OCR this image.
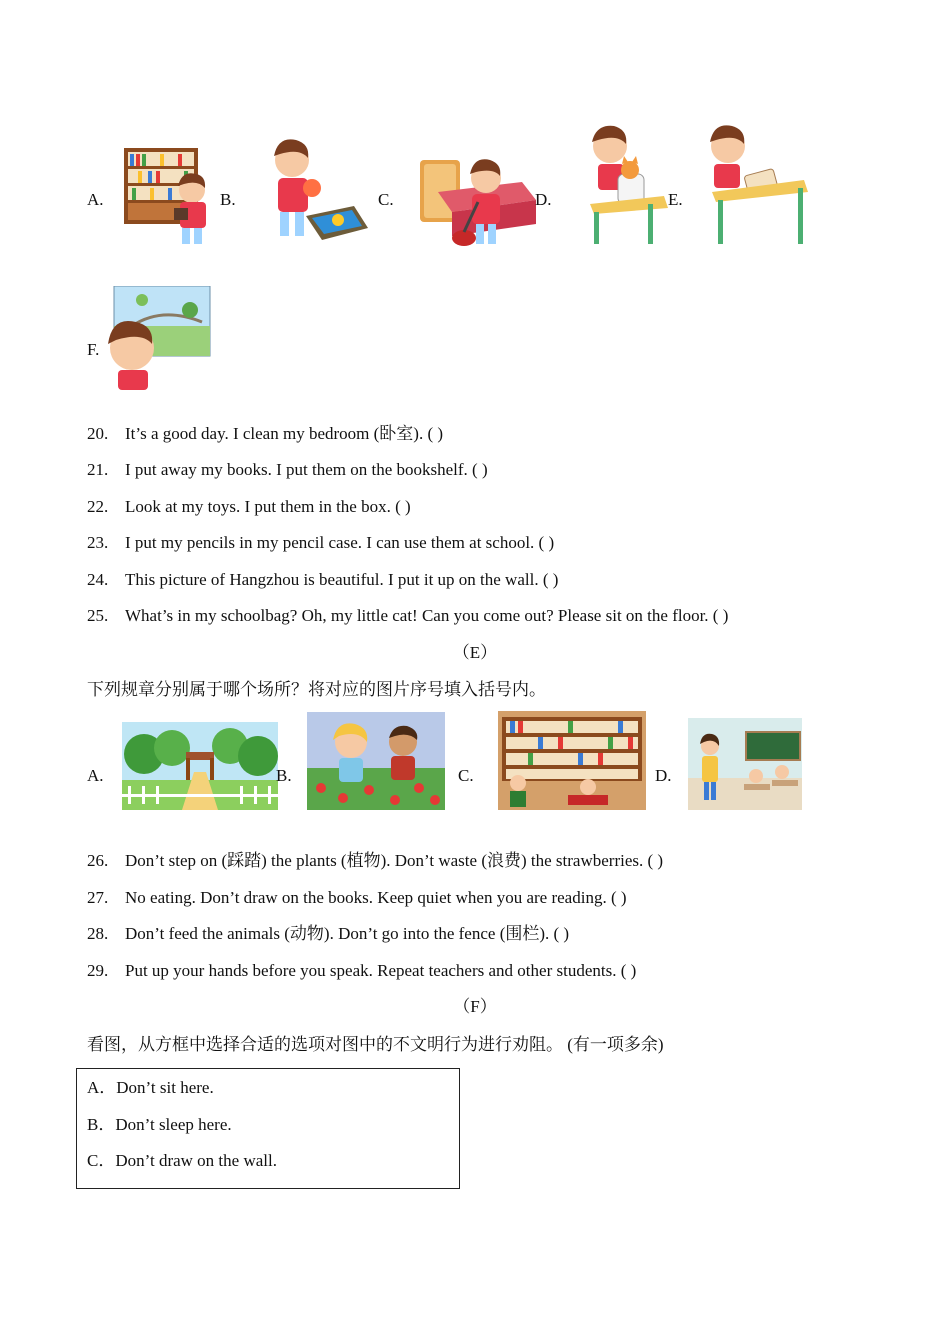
A.	B.	C.	D.	E.
F.
20. It’s a good day. I clean my bedroom (卧室). ( )
21. I put away my books. I put them on the bookshelf. ( )
22. Look at my toys. I put them in the box. ( )
23. I put my pencils in my pencil case. I can use them at school. ( )
24. This picture of Hangzhou is beautiful. I put it up on the wall. ( )
25. What’s in my schoolbag? Oh, my little cat! Can you come out? Please sit on the floor. ( )
（E）
下列规章分别属于哪个场所？将对应的图片序号填入括号内。
A.	B.	C.	D.
26. Don’t step on (踩踏) the plants (植物). Don’t waste (浪费) the strawberries. ( )
27. No eating. Don’t draw on the books. Keep quiet when you are reading. ( )
28. Don’t feed the animals (动物). Don’t go into the fence (围栏). ( )
29. Put up your hands before you speak. Repeat teachers and other students. ( )
（F）
看图，从方框中选择合适的选项对图中的不文明行为进行劝阻。 (有一项多余)
A．Don’t sit here.
B．Don’t sleep here.
C．Don’t draw on the wall.
